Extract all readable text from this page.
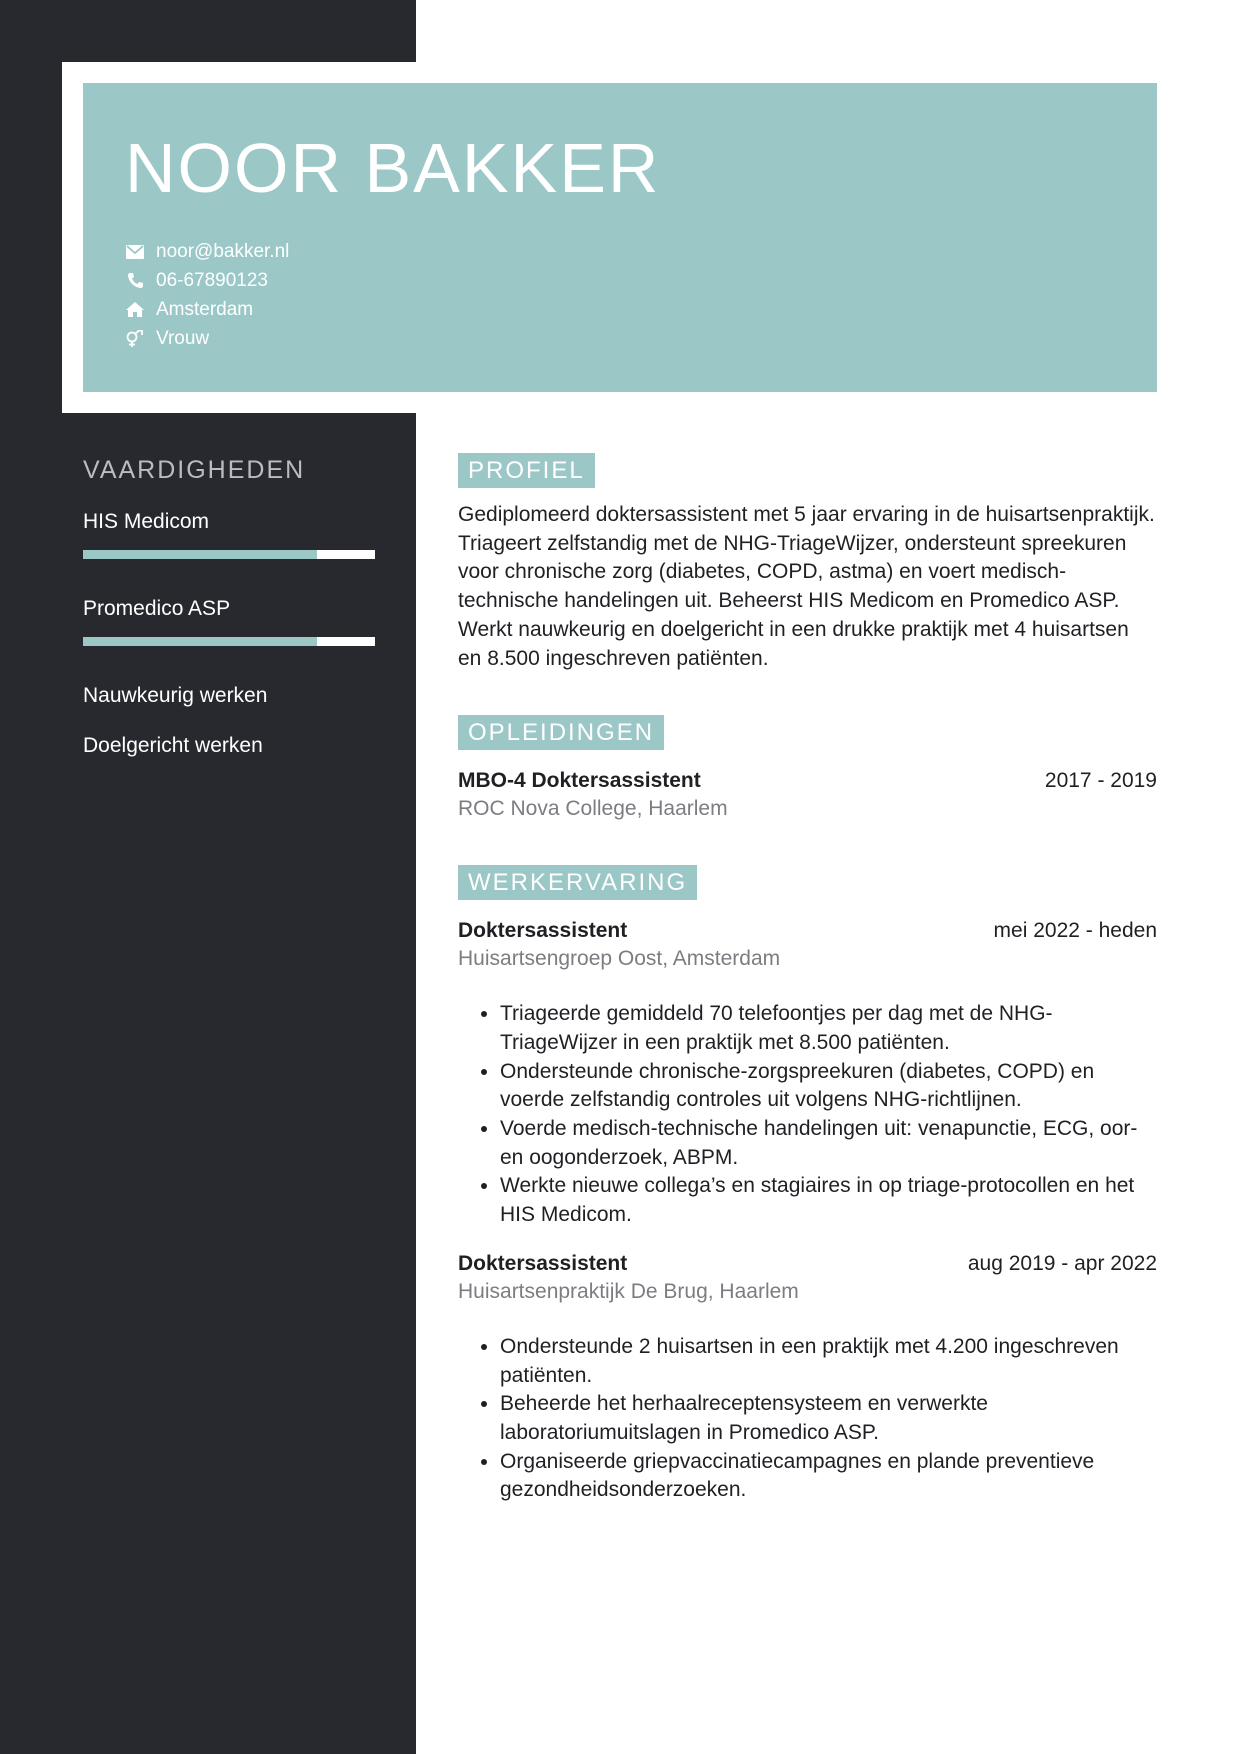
NOOR BAKKER
noor@bakker.nl
06-67890123
Amsterdam
Vrouw
VAARDIGHEDEN
HIS Medicom
Promedico ASP
Nauwkeurig werken
Doelgericht werken
PROFIEL
Gediplomeerd doktersassistent met 5 jaar ervaring in de huisartsenpraktijk. Triageert zelfstandig met de NHG-TriageWijzer, ondersteunt spreekuren voor chronische zorg (diabetes, COPD, astma) en voert medisch-technische handelingen uit. Beheerst HIS Medicom en Promedico ASP. Werkt nauwkeurig en doelgericht in een drukke praktijk met 4 huisartsen en 8.500 ingeschreven patiënten.
OPLEIDINGEN
MBO-4 Doktersassistent	2017 - 2019
ROC Nova College, Haarlem
WERKERVARING
Doktersassistent	mei 2022 - heden
Huisartsengroep Oost, Amsterdam
• Triageerde gemiddeld 70 telefoontjes per dag met de NHG-TriageWijzer in een praktijk met 8.500 patiënten.
• Ondersteunde chronische-zorgspreekuren (diabetes, COPD) en voerde zelfstandig controles uit volgens NHG-richtlijnen.
• Voerde medisch-technische handelingen uit: venapunctie, ECG, oor- en oogonderzoek, ABPM.
• Werkte nieuwe collega’s en stagiaires in op triage-protocollen en het HIS Medicom.
Doktersassistent	aug 2019 - apr 2022
Huisartsenpraktijk De Brug, Haarlem
• Ondersteunde 2 huisartsen in een praktijk met 4.200 ingeschreven patiënten.
• Beheerde het herhaalreceptensysteem en verwerkte laboratoriumuitslagen in Promedico ASP.
• Organiseerde griepvaccinatiecampagnes en plande preventieve gezondheidsonderzoeken.
